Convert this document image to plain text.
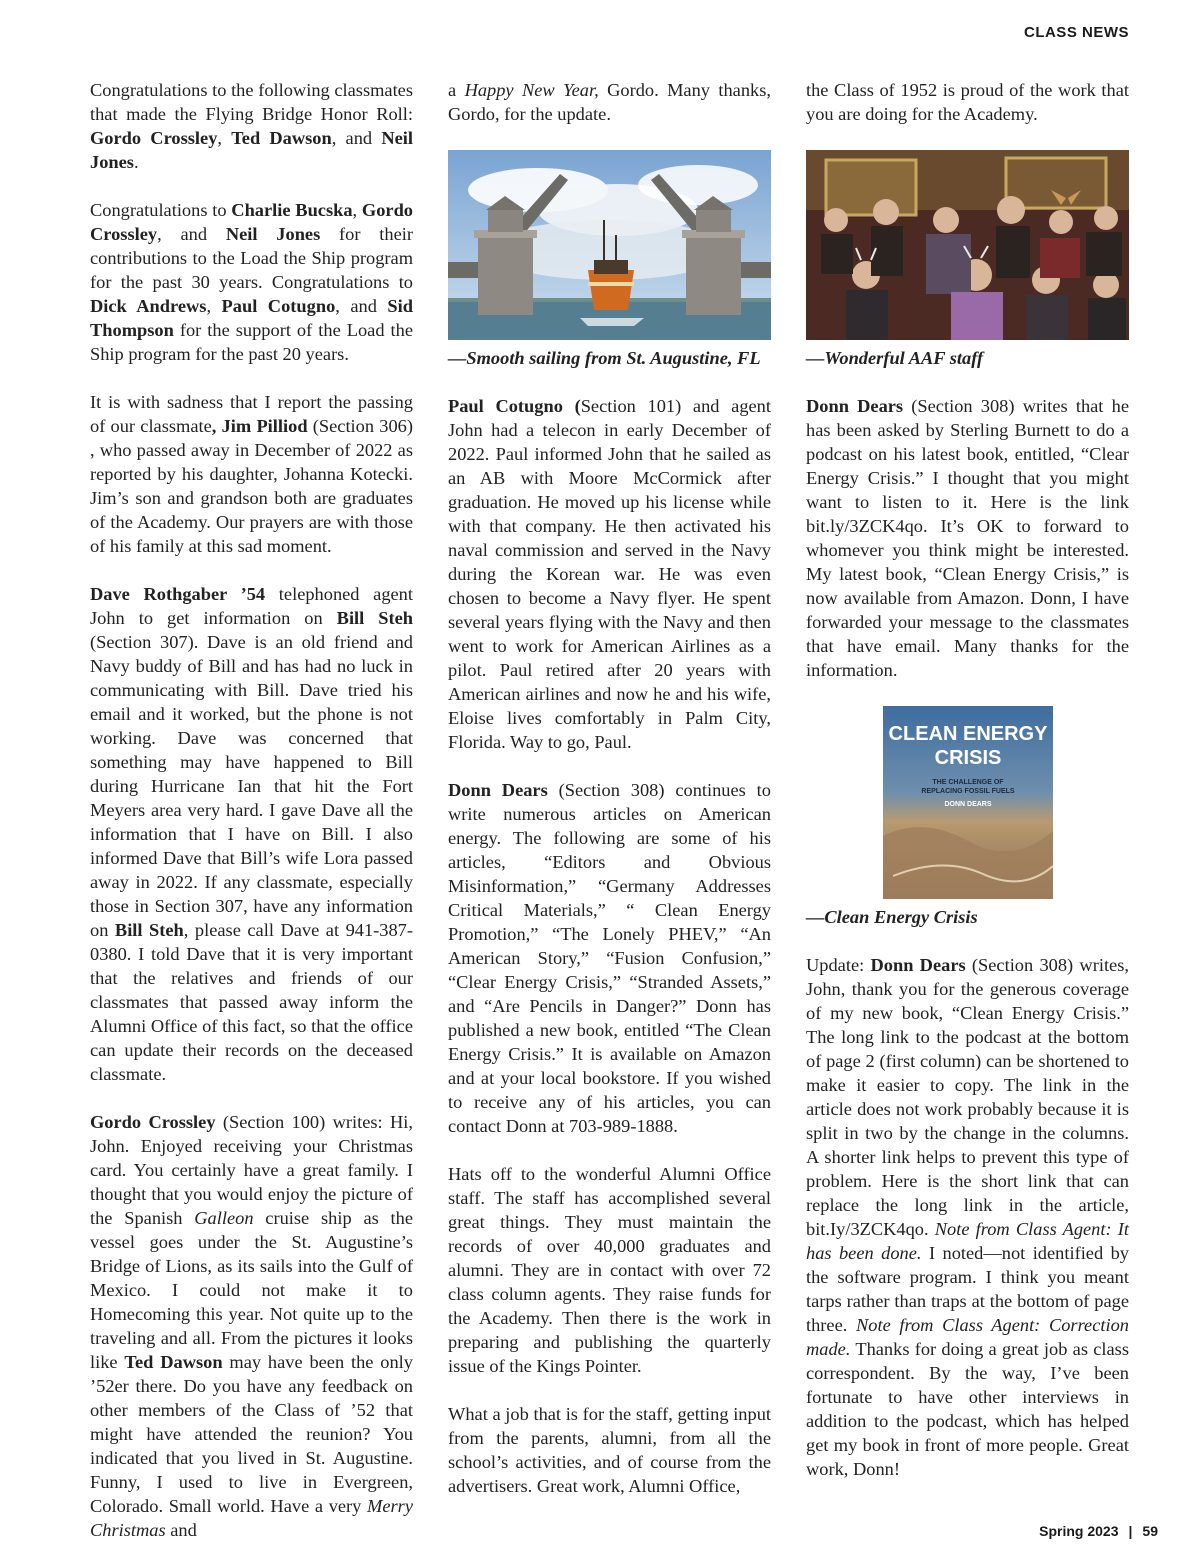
CLASS NEWS

Congratulations to the following classmates that made the Flying Bridge Honor Roll: Gordo Crossley, Ted Dawson, and Neil Jones.

Congratulations to Charlie Bucska, Gordo Crossley, and Neil Jones for their contributions to the Load the Ship program for the past 30 years. Congratulations to Dick Andrews, Paul Cotugno, and Sid Thompson for the support of the Load the Ship program for the past 20 years.

It is with sadness that I report the passing of our classmate, Jim Pilliod (Section 306) , who passed away in December of 2022 as reported by his daughter, Johanna Kotecki. Jim’s son and grandson both are graduates of the Academy. Our prayers are with those of his family at this sad moment.

Dave Rothgaber ’54 telephoned agent John to get information on Bill Steh (Section 307). Dave is an old friend and Navy buddy of Bill and has had no luck in communicating with Bill. Dave tried his email and it worked, but the phone is not working. Dave was concerned that something may have happened to Bill during Hurricane Ian that hit the Fort Meyers area very hard. I gave Dave all the information that I have on Bill. I also informed Dave that Bill’s wife Lora passed away in 2022. If any classmate, especially those in Section 307, have any information on Bill Steh, please call Dave at 941-387-0380. I told Dave that it is very important that the relatives and friends of our classmates that passed away inform the Alumni Office of this fact, so that the office can update their records on the deceased classmate.

Gordo Crossley (Section 100) writes: Hi, John. Enjoyed receiving your Christmas card. You certainly have a great family. I thought that you would enjoy the picture of the Spanish Galleon cruise ship as the vessel goes under the St. Augustine’s Bridge of Lions, as its sails into the Gulf of Mexico. I could not make it to Homecoming this year. Not quite up to the traveling and all. From the pictures it looks like Ted Dawson may have been the only ’52er there. Do you have any feedback on other members of the Class of ’52 that might have attended the reunion? You indicated that you lived in St. Augustine. Funny, I used to live in Evergreen, Colorado. Small world. Have a very Merry Christmas and

a Happy New Year, Gordo. Many thanks, Gordo, for the update.

—Smooth sailing from St. Augustine, FL

Paul Cotugno (Section 101) and agent John had a telecon in early December of 2022. Paul informed John that he sailed as an AB with Moore McCormick after graduation. He moved up his license while with that company. He then activated his naval commission and served in the Navy during the Korean war. He was even chosen to become a Navy flyer. He spent several years flying with the Navy and then went to work for American Airlines as a pilot. Paul retired after 20 years with American airlines and now he and his wife, Eloise lives comfortably in Palm City, Florida. Way to go, Paul.

Donn Dears (Section 308) continues to write numerous articles on American energy. The following are some of his articles, “Editors and Obvious Misinformation,” “Germany Addresses Critical Materials,” “ Clean Energy Promotion,” “The Lonely PHEV,” “An American Story,” “Fusion Confusion,” “Clear Energy Crisis,” “Stranded Assets,” and “Are Pencils in Danger?” Donn has published a new book, entitled “The Clean Energy Crisis.” It is available on Amazon and at your local bookstore. If you wished to receive any of his articles, you can contact Donn at 703-989-1888.

Hats off to the wonderful Alumni Office staff. The staff has accomplished several great things. They must maintain the records of over 40,000 graduates and alumni. They are in contact with over 72 class column agents. They raise funds for the Academy. Then there is the work in preparing and publishing the quarterly issue of the Kings Pointer.

What a job that is for the staff, getting input from the parents, alumni, from all the school’s activities, and of course from the advertisers. Great work, Alumni Office,

the Class of 1952 is proud of the work that you are doing for the Academy.

—Wonderful AAF staff

Donn Dears (Section 308) writes that he has been asked by Sterling Burnett to do a podcast on his latest book, entitled, “Clear Energy Crisis.” I thought that you might want to listen to it. Here is the link bit.ly/3ZCK4qo. It’s OK to forward to whomever you think might be interested. My latest book, “Clean Energy Crisis,” is now available from Amazon. Donn, I have forwarded your message to the classmates that have email. Many thanks for the information.

CLEAN ENERGY
CRISIS
THE CHALLENGE OF
REPLACING FOSSIL FUELS
DONN DEARS
—Clean Energy Crisis

Update: Donn Dears (Section 308) writes, John, thank you for the generous coverage of my new book, “Clean Energy Crisis.” The long link to the podcast at the bottom of page 2 (first column) can be shortened to make it easier to copy. The link in the article does not work probably because it is split in two by the change in the columns. A shorter link helps to prevent this type of problem. Here is the short link that can replace the long link in the article, bit.Iy/3ZCK4qo. Note from Class Agent: It has been done. I noted—not identified by the software program. I think you meant tarps rather than traps at the bottom of page three. Note from Class Agent: Correction made. Thanks for doing a great job as class correspondent. By the way, I’ve been fortunate to have other interviews in addition to the podcast, which has helped get my book in front of more people. Great work, Donn!

Spring 2023 | 59
